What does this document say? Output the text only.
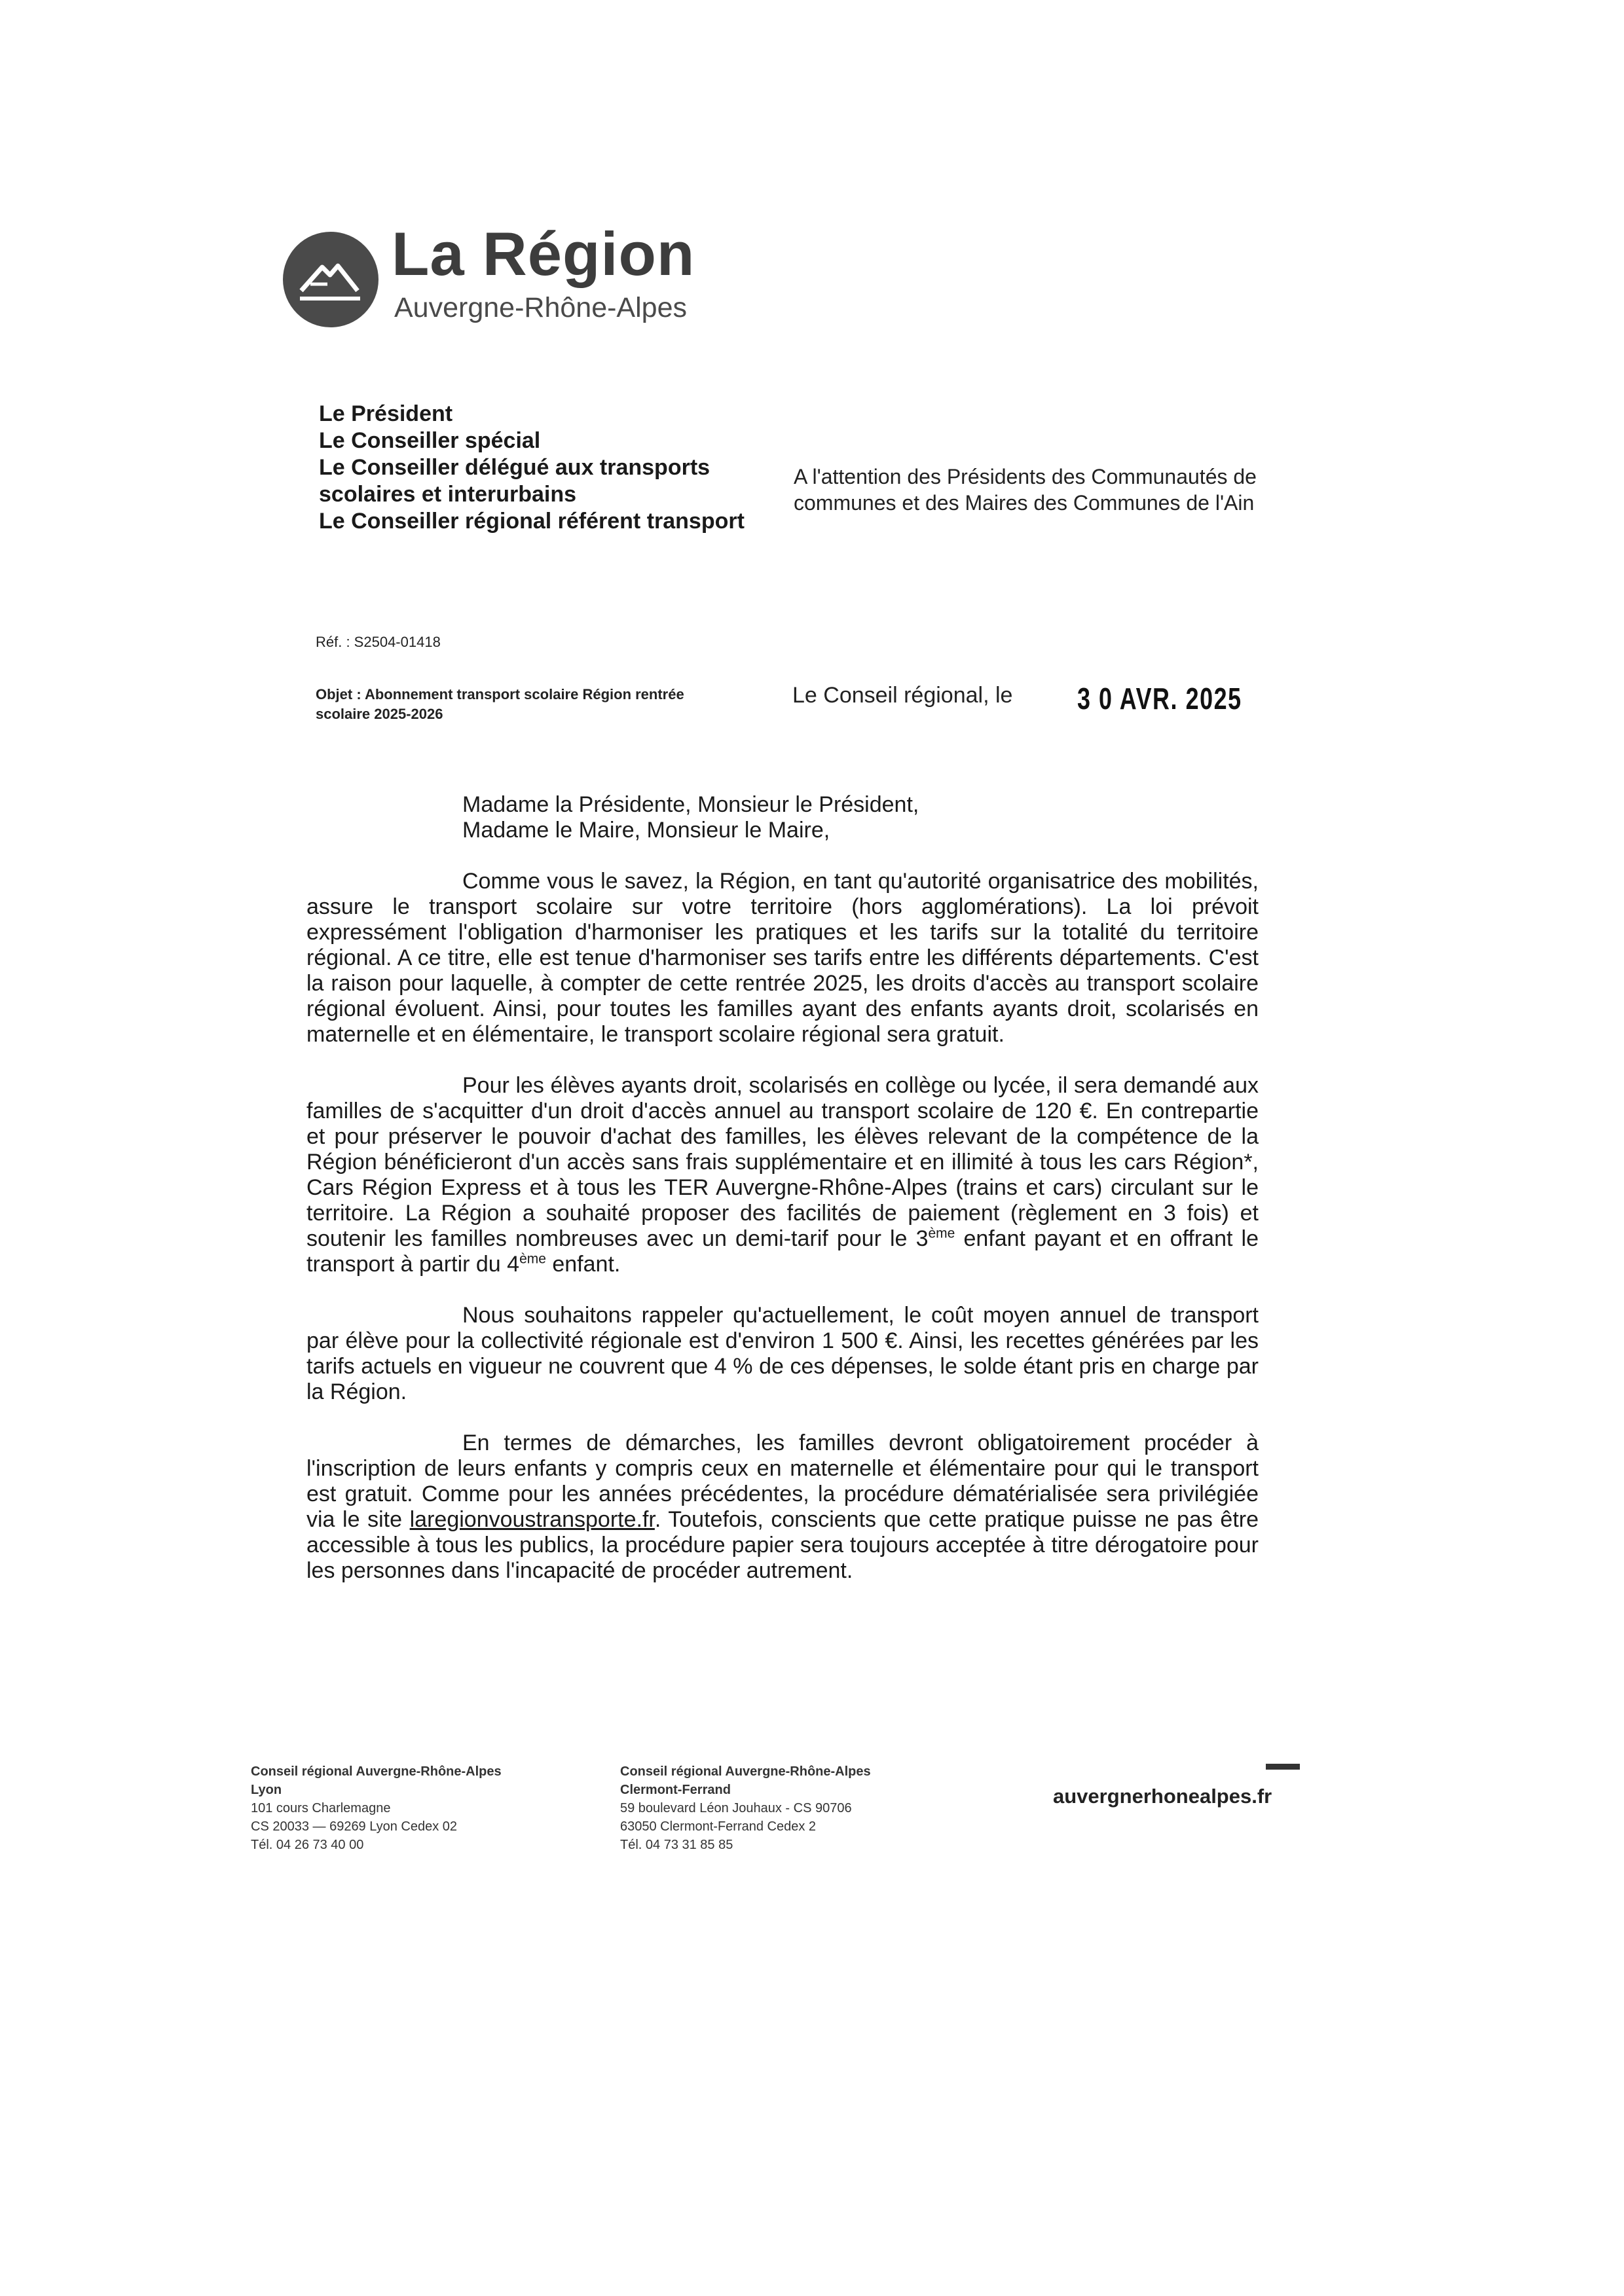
La Région
Auvergne-Rhône-Alpes
Le Président
Le Conseiller spécial
Le Conseiller délégué aux transports scolaires et interurbains
Le Conseiller régional référent transport
A l'attention des Présidents des Communautés de communes et des Maires des Communes de l'Ain
Réf. : S2504-01418
Objet : Abonnement transport scolaire Région rentrée scolaire 2025-2026
Le Conseil régional, le 3 0 AVR. 2025
Madame la Présidente, Monsieur le Président,
Madame le Maire, Monsieur le Maire,

Comme vous le savez, la Région, en tant qu'autorité organisatrice des mobilités, assure le transport scolaire sur votre territoire (hors agglomérations). La loi prévoit expressément l'obligation d'harmoniser les pratiques et les tarifs sur la totalité du territoire régional. A ce titre, elle est tenue d'harmoniser ses tarifs entre les différents départements. C'est la raison pour laquelle, à compter de cette rentrée 2025, les droits d'accès au transport scolaire régional évoluent. Ainsi, pour toutes les familles ayant des enfants ayants droit, scolarisés en maternelle et en élémentaire, le transport scolaire régional sera gratuit.

Pour les élèves ayants droit, scolarisés en collège ou lycée, il sera demandé aux familles de s'acquitter d'un droit d'accès annuel au transport scolaire de 120 €. En contrepartie et pour préserver le pouvoir d'achat des familles, les élèves relevant de la compétence de la Région bénéficieront d'un accès sans frais supplémentaire et en illimité à tous les cars Région*, Cars Région Express et à tous les TER Auvergne-Rhône-Alpes (trains et cars) circulant sur le territoire. La Région a souhaité proposer des facilités de paiement (règlement en 3 fois) et soutenir les familles nombreuses avec un demi-tarif pour le 3ème enfant payant et en offrant le transport à partir du 4ème enfant.

Nous souhaitons rappeler qu'actuellement, le coût moyen annuel de transport par élève pour la collectivité régionale est d'environ 1 500 €. Ainsi, les recettes générées par les tarifs actuels en vigueur ne couvrent que 4 % de ces dépenses, le solde étant pris en charge par la Région.

En termes de démarches, les familles devront obligatoirement procéder à l'inscription de leurs enfants y compris ceux en maternelle et élémentaire pour qui le transport est gratuit. Comme pour les années précédentes, la procédure dématérialisée sera privilégiée via le site laregionvoustransporte.fr. Toutefois, conscients que cette pratique puisse ne pas être accessible à tous les publics, la procédure papier sera toujours acceptée à titre dérogatoire pour les personnes dans l'incapacité de procéder autrement.

Conseil régional Auvergne-Rhône-Alpes
Lyon
101 cours Charlemagne
CS 20033 — 69269 Lyon Cedex 02
Tél. 04 26 73 40 00
Conseil régional Auvergne-Rhône-Alpes
Clermont-Ferrand
59 boulevard Léon Jouhaux - CS 90706
63050 Clermont-Ferrand Cedex 2
Tél. 04 73 31 85 85
auvergnerhonealpes.fr
